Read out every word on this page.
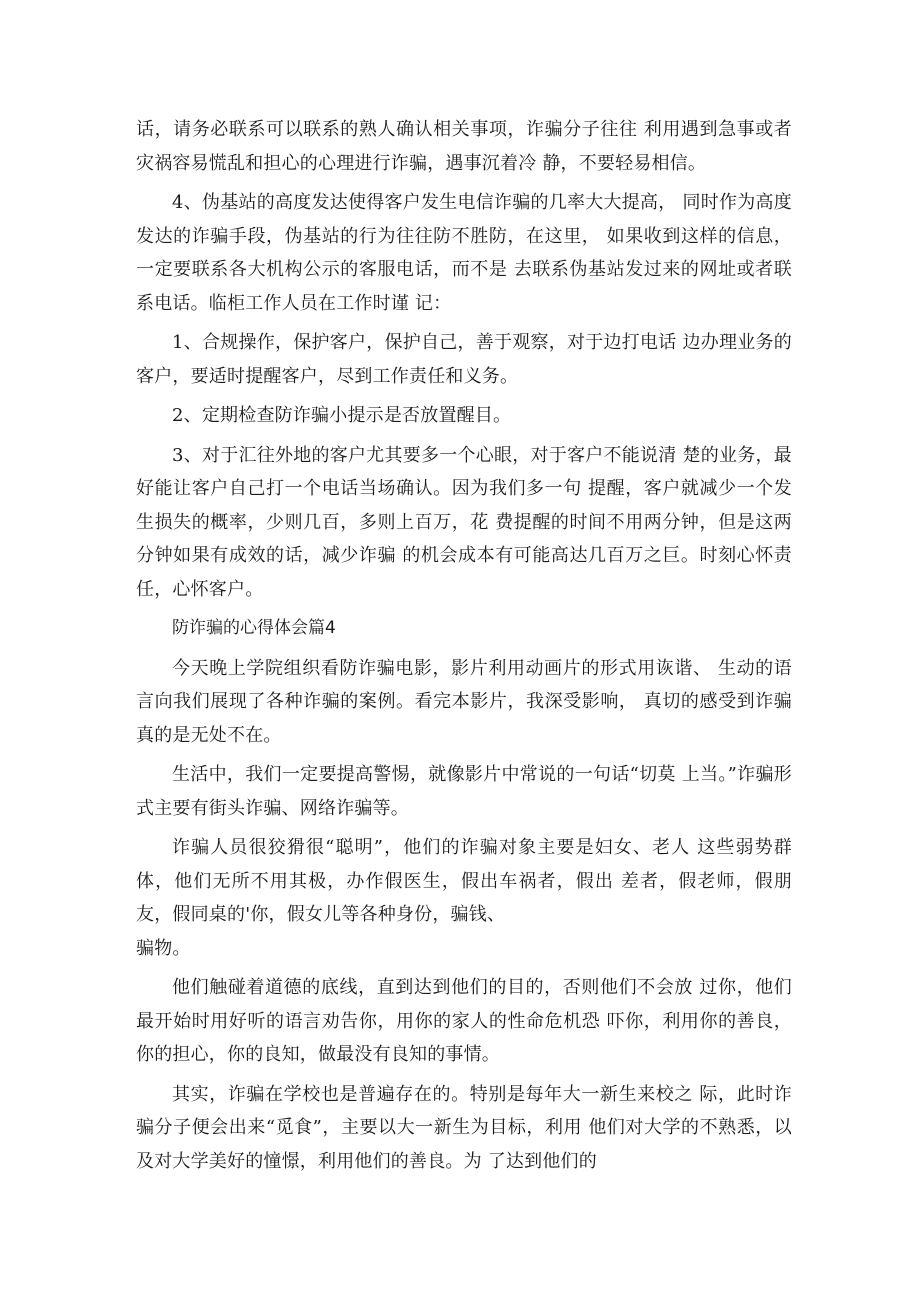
话，请务必联系可以联系的熟人确认相关事项，诈骗分子往往 利用遇到急事或者灾祸容易慌乱和担心的心理进行诈骗，遇事沉着冷 静，不要轻易相信。

4、伪基站的高度发达使得客户发生电信诈骗的几率大大提高， 同时作为高度发达的诈骗手段，伪基站的行为往往防不胜防，在这里， 如果收到这样的信息，一定要联系各大机构公示的客服电话，而不是 去联系伪基站发过来的网址或者联系电话。临柜工作人员在工作时谨 记：

1、合规操作，保护客户，保护自己，善于观察，对于边打电话 边办理业务的客户，要适时提醒客户，尽到工作责任和义务。

2、定期检查防诈骗小提示是否放置醒目。

3、对于汇往外地的客户尤其要多一个心眼，对于客户不能说清 楚的业务，最好能让客户自己打一个电话当场确认。因为我们多一句 提醒，客户就减少一个发生损失的概率，少则几百，多则上百万，花 费提醒的时间不用两分钟，但是这两分钟如果有成效的话，减少诈骗 的机会成本有可能高达几百万之巨。时刻心怀责任，心怀客户。

防诈骗的心得体会篇4

今天晚上学院组织看防诈骗电影，影片利用动画片的形式用诙谐、 生动的语言向我们展现了各种诈骗的案例。看完本影片，我深受影响， 真切的感受到诈骗真的是无处不在。

生活中，我们一定要提高警惕，就像影片中常说的一句话“切莫 上当。”诈骗形式主要有街头诈骗、网络诈骗等。

诈骗人员很狡猾很“聪明”，他们的诈骗对象主要是妇女、老人 这些弱势群体，他们无所不用其极，办作假医生，假出车祸者，假出 差者，假老师，假朋友，假同桌的'你，假女儿等各种身份，骗钱、

骗物。

他们触碰着道德的底线，直到达到他们的目的，否则他们不会放 过你，他们最开始时用好听的语言劝告你，用你的家人的性命危机恐 吓你，利用你的善良，你的担心，你的良知，做最没有良知的事情。

其实，诈骗在学校也是普遍存在的。特别是每年大一新生来校之 际，此时诈骗分子便会出来“觅食”，主要以大一新生为目标，利用 他们对大学的不熟悉，以及对大学美好的憧憬，利用他们的善良。为 了达到他们的
